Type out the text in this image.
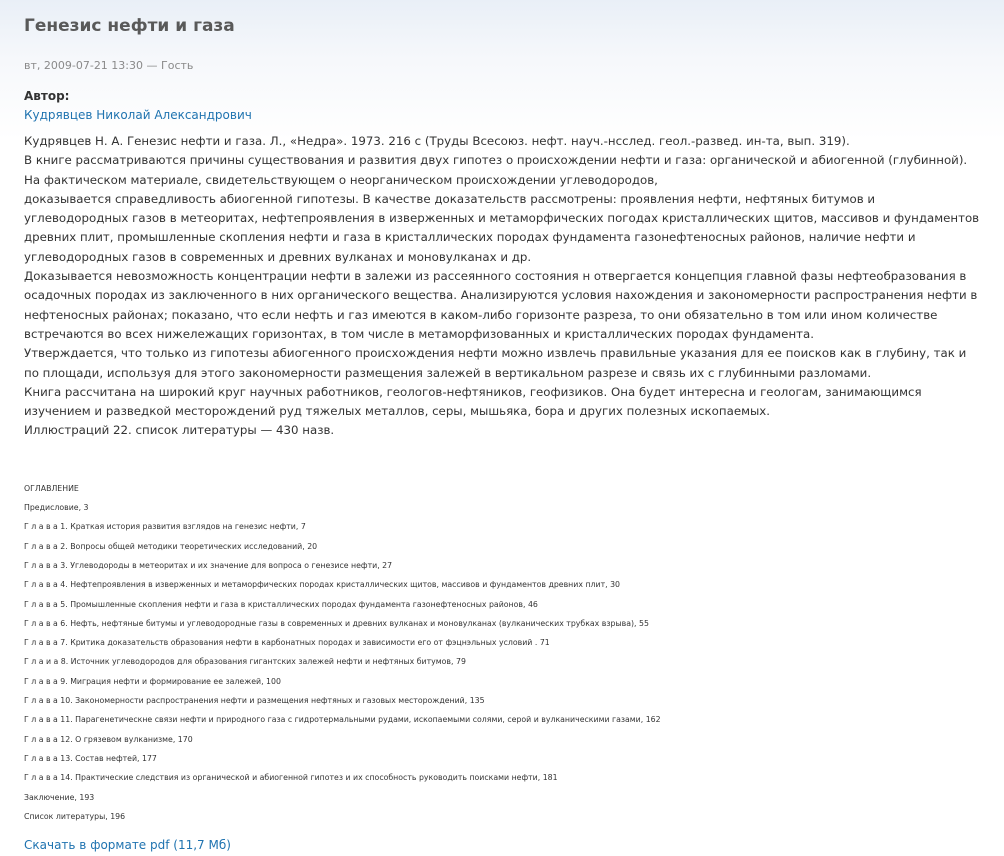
Генезис нефти и газа
вт, 2009-07-21 13:30 — Гость
Автор:
Кудрявцев Николай Александрович

Кудрявцев Н. А. Генезис нефти и газа. Л., «Недра». 1973. 216 с (Труды Всесоюз. нефт. науч.-нсслед. геол.-развед. ин-та, вып. 319).

В книге рассматриваются причины существования и развития двух гипотез о происхождении нефти и газа: органической и абиогенной (глубинной). На фактическом материале, свидетельствующем о неорганическом происхождении углеводородов,

доказывается справедливость абиогенной гипотезы. В качестве доказательств рассмотрены: проявления нефти, нефтяных битумов и углеводородных газов в метеоритах, нефтепроявления в изверженных и метаморфических погодах кристаллических щитов, массивов и фундаментов древних плит, промышленные скопления нефти и газа в кристаллических породах фундамента газонефтеносных районов, наличие нефти и углеводородных газов в современных и древних вулканах и моновулканах и др.

Доказывается невозможность концентрации нефти в залежи из рассеянного состояния н отвергается концепция главной фазы нефтеобразования в осадочных породах из заключенного в них органического вещества. Анализируются условия нахождения и закономерности распространения нефти в нефтеносных районах; показано, что если нефть и газ имеются в каком-либо горизонте разреза, то они обязательно в том или ином количестве встречаются во всех нижележащих горизонтах, в том числе в метаморфизованных и кристаллических породах фундамента.

Утверждается, что только из гипотезы абиогенного происхождения нефти можно извлечь правильные указания для ее поисков как в глубину, так и по площади, используя для этого закономерности размещения залежей в вертикальном разрезе и связь их с глубинными разломами.

Книга рассчитана на широкий круг научных работников, геологов-нефтяников, геофизиков. Она будет интересна и геологам, занимающимся изучением и разведкой месторождений руд тяжелых металлов, серы, мышьяка, бора и других полезных ископаемых.

Иллюстраций 22. список литературы — 430 назв.

ОГЛАВЛЕНИЕ

Предисловие, 3

Г л а в а 1. Краткая история развития взглядов на генезис нефти, 7

Г л а в а 2. Вопросы общей методики теоретических исследований, 20

Г л а в а 3. Углеводороды в метеоритах и их значение для вопроса о генезисе нефти, 27

Г л а в а 4. Нефтепроявления в изверженных и метаморфических породах кристаллических щитов, массивов и фундаментов древних плит, 30

Г л а в а 5. Промышленные скопления нефти и газа в кристаллических породах фундамента газонефтеносных районов, 46

Г л а в а 6. Нефть, нефтяные битумы и углеводородные газы в современных и древних вулканах и моновулканах (вулканических трубках взрыва), 55

Г л а в а 7. Критика доказательств образования нефти в карбонатных породах и зависимости его от фэцнэльных условий . 71

Г л а и а 8. Источник углеводородов для образования гигантских залежей нефти и нефтяных битумов, 79

Г л а в а 9. Миграция нефти и формирование ее залежей, 100

Г л а в а 10. Закономерности распространения нефти и размещения нефтяных и газовых месторождений, 135

Г л а в а 11. Парагенетическне связи нефти и природного газа с гидротермальными рудами, ископаемыми солями, серой и вулканическими газами, 162

Г л а в а 12. О грязевом вулканизме, 170

Г л а в а 13. Состав нефтей, 177

Г л а в а 14. Практические следствия из органической и абиогенной гипотез и их способность руководить поисками нефти, 181

Заключение, 193

Список литературы, 196

Скачать в формате pdf (11,7 Мб)
